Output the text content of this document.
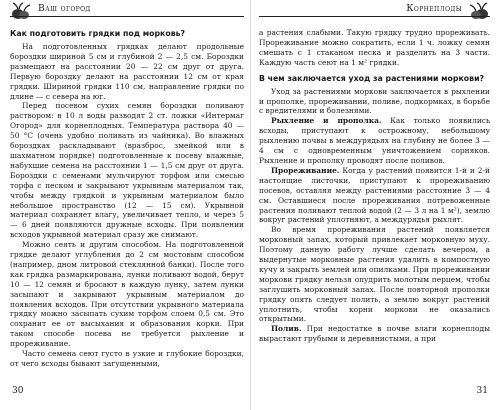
Ваш огород
Как подготовить грядки под морковь?

На подготовленных грядках делают продольные бороздки шириной 5 см и глубиной 2 — 2,5 см. Бороздки размещают на расстоянии 20 — 22 см друг от друга. Первую бороздку делают на расстоянии 12 см от края грядки. Шириной грядки 110 см, направление грядки по длине — с севера на юг.

Перед посевом сухих семян бороздки поливают раствором: в 10 л воды разводят 2 ст. ложки «Интермаг Огород» для корнеплодных. Температура раствора 40 — 50 °С (очень удобно поливать из чайника). Во влажных бороздках раскладывают (вразброс, змейкой или в шахматном порядке) подготовленные к посеву влажные, набухшие семена на расстоянии 1 — 1,5 см друг от друга. Бороздки с семенами мульчируют торфом или смесью торфа с песком и закрывают укрывным материалом так, чтобы между грядкой и укрывным материалом было небольшое пространство (12 — 15 см). Укрывной материал сохраняет влагу, увеличивает тепло, и через 5 — 6 дней появляются дружные всходы. При появлении всходов укрывной материал сразу же снимают.

Можно сеять и другим способом. На подготовленной грядке делают углубления до 2 см мостовым способом (например, дном литровой стеклянной банки). После того как грядка размаркирована, лунки поливают водой, берут 10 — 12 семян и бросают в каждую лунку, затем лунки засыпают и закрывают укрывным материалом до появления всходов. При отсутствии укрывного материала грядку можно засыпать сухим торфом слоем 0,5 см. Это сохранит ее от высыхания и образования корки. При таком способе посева не требуется рыхление и прореживание.

Часто семена сеют густо в узкие и глубокие бороздки, от чего всходы бывают загущенными,

30
Корнеплоды

а растения слабыми. Такую грядку трудно прореживать. Прореживание можно сократить, если 1 ч. ложку семян смешать с 1 стаканом песка и разделить на 3 части. Каждую часть сеют на 1 м² грядки.

В чем заключается уход за растениями моркови?

Уход за растениями моркови заключается в рыхлении и прополке, прореживании, поливе, подкормках, в борьбе с вредителями и болезнями.

Рыхление и прополка. Как только появились всходы, приступают к острожному, небольшому рыхлению почвы в междурядьях на глубину не более 3 — 4 см с одновременным уничтожением сорняков. Рыхление и прополку проводят после поливов.

Прореживание. Когда у растений появится 1-й и 2-й настоящие листочки, приступают к прореживанию посевов, оставляя между растениями расстояние 3 — 4 см. Оставшиеся после прореживания потревоженные растения поливают теплой водой (2 — 3 л на 1 м²), землю вокруг растений уплотняют, а междурядья рыхлят.

Во время прореживания растений появляется морковный запах, который привлекает морковную муху. Поэтому данную работу лучше сделать вечером, а выдернутые морковные растения удалить в компостную кучу и закрыть землей или опилками. При прореживании моркови грядку нельзя опудрить молотым перцем, чтобы заглушить морковный запах. После повторной прополки грядку опять следует полить, а землю вокруг растений уплотнить, чтобы корни моркови не оказались открытыми.

Полив. При недостатке в почве влаги корнеплоды вырастают грубыми и деревянистыми, а при

31
